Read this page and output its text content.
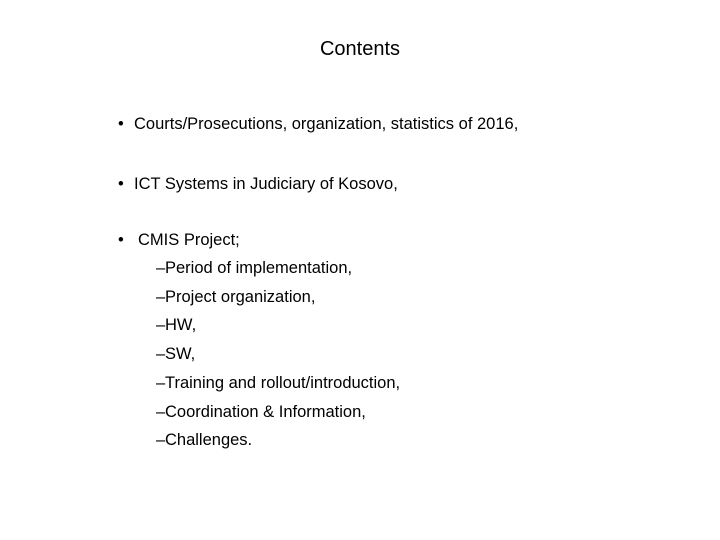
Contents
• Courts/Prosecutions, organization, statistics of 2016,
• ICT Systems in Judiciary of Kosovo,
• CMIS Project;
– Period of implementation,
– Project organization,
– HW,
– SW,
– Training and rollout/introduction,
– Coordination & Information,
– Challenges.
